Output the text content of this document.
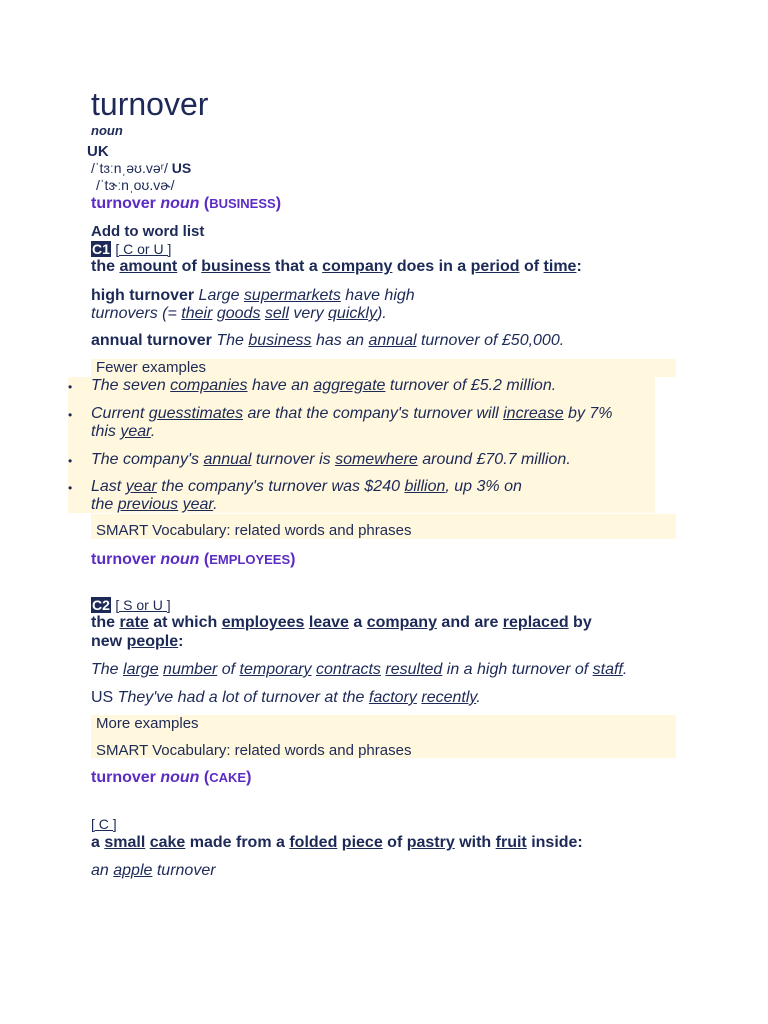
turnover
noun
UK
/ˈtɜːnˌəʊ.vəʳ/ US
/ˈtɝːnˌoʊ.vɚ/
turnover noun (BUSINESS)
Add to word list
C1 [ C or U ]
the amount of business that a company does in a period of time:
high turnover Large supermarkets have high
turnovers (= their goods sell very quickly).
annual turnover The business has an annual turnover of £50,000.
Fewer examples
• The seven companies have an aggregate turnover of £5.2 million.
• Current guesstimates are that the company's turnover will increase by 7%
this year.
• The company's annual turnover is somewhere around £70.7 million.
• Last year the company's turnover was $240 billion, up 3% on
the previous year.
SMART Vocabulary: related words and phrases
turnover noun (EMPLOYEES)
C2 [ S or U ]
the rate at which employees leave a company and are replaced by
new people:
The large number of temporary contracts resulted in a high turnover of staff.
US They've had a lot of turnover at the factory recently.
More examples
SMART Vocabulary: related words and phrases
turnover noun (CAKE)
[ C ]
a small cake made from a folded piece of pastry with fruit inside:
an apple turnover
